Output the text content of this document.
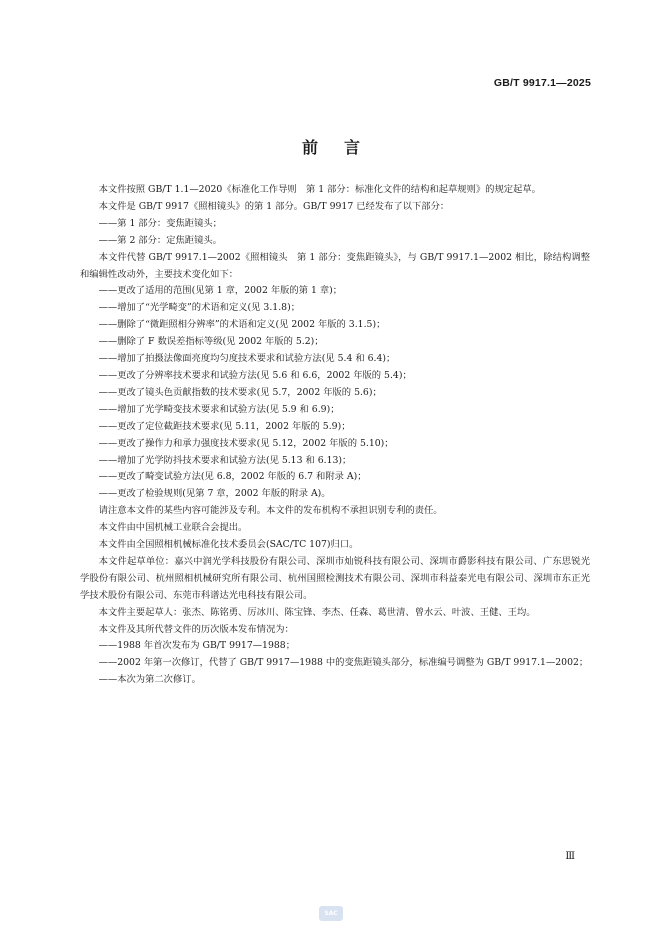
GB/T 9917.1—2025
前言

本文件按照 GB/T 1.1—2020《标准化工作导则　第 1 部分：标准化文件的结构和起草规则》的规定起草。

本文件是 GB/T 9917《照相镜头》的第 1 部分。GB/T 9917 已经发布了以下部分：

——第 1 部分：变焦距镜头；

——第 2 部分：定焦距镜头。

本文件代替 GB/T 9917.1—2002《照相镜头　第 1 部分：变焦距镜头》，与 GB/T 9917.1—2002 相比，除结构调整和编辑性改动外，主要技术变化如下：

——更改了适用的范围(见第 1 章，2002 年版的第 1 章)；

——增加了“光学畸变”的术语和定义(见 3.1.8)；

——删除了“微距照相分辨率”的术语和定义(见 2002 年版的 3.1.5)；

——删除了 F 数误差指标等级(见 2002 年版的 5.2)；

——增加了拍摄法像面亮度均匀度技术要求和试验方法(见 5.4 和 6.4)；

——更改了分辨率技术要求和试验方法(见 5.6 和 6.6，2002 年版的 5.4)；

——更改了镜头色贡献指数的技术要求(见 5.7，2002 年版的 5.6)；

——增加了光学畸变技术要求和试验方法(见 5.9 和 6.9)；

——更改了定位截距技术要求(见 5.11，2002 年版的 5.9)；

——更改了操作力和承力强度技术要求(见 5.12，2002 年版的 5.10)；

——增加了光学防抖技术要求和试验方法(见 5.13 和 6.13)；

——更改了畸变试验方法(见 6.8，2002 年版的 6.7 和附录 A)；

——更改了检验规则(见第 7 章，2002 年版的附录 A)。

请注意本文件的某些内容可能涉及专利。本文件的发布机构不承担识别专利的责任。

本文件由中国机械工业联合会提出。

本文件由全国照相机械标准化技术委员会(SAC/TC 107)归口。

本文件起草单位：嘉兴中润光学科技股份有限公司、深圳市灿锐科技有限公司、深圳市爵影科技有限公司、广东思锐光学股份有限公司、杭州照相机械研究所有限公司、杭州国照检测技术有限公司、深圳市科益泰光电有限公司、深圳市东正光学技术股份有限公司、东莞市科谱达光电科技有限公司。

本文件主要起草人：张杰、陈铭勇、厉冰川、陈宝锋、李杰、任森、葛世清、曾水云、叶波、王健、王均。

本文件及其所代替文件的历次版本发布情况为：

——1988 年首次发布为 GB/T 9917—1988；

——2002 年第一次修订，代替了 GB/T 9917—1988 中的变焦距镜头部分，标准编号调整为 GB/T 9917.1—2002；

——本次为第二次修订。

Ⅲ
SAC
